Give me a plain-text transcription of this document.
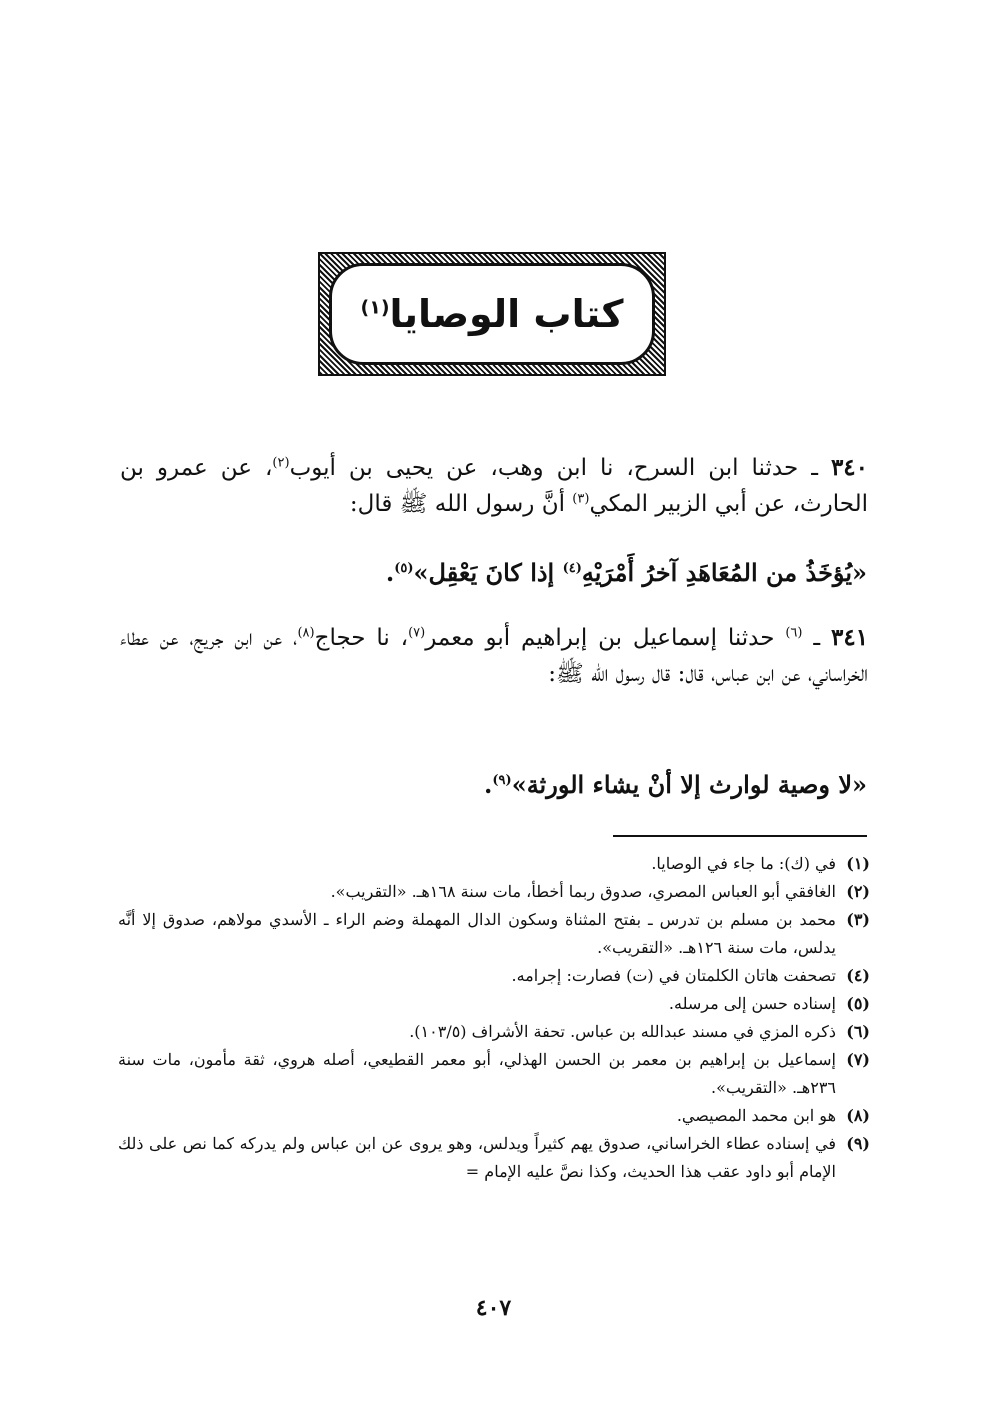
كتاب الوصايا$^{(١)}$
٣٤٠ ـ حدثنا ابن السرح، نا ابن وهب، عن يحيى بن أيوب$^{(٢)}$، عن عمرو بن الحارث، عن أبي الزبير المكي$^{(٣)}$ أنَّ رسول الله ﷺ قال:
«يُؤخَذُ من المُعَاهَدِ آخرُ أَمْرَيْهِ$^{(٤)}$ إذا كانَ يَعْقِل»$^{(٥)}$.
٣٤١ ـ $^{(٦)}$ حدثنا إسماعيل بن إبراهيم أبو معمر$^{(٧)}$، نا حجاج$^{(٨)}$، عن ابن جريج، عن عطاء الخراساني، عن ابن عباس، قال: قال رسول الله ﷺ:
«لا وصية لوارث إلا أنْ يشاء الورثة»$^{(٩)}$.
(١)
في (ك): ما جاء في الوصايا.
(٢)
الغافقي أبو العباس المصري، صدوق ربما أخطأ، مات سنة ١٦٨هـ. «التقريب».
(٣)
محمد بن مسلم بن تدرس ـ بفتح المثناة وسكون الدال المهملة وضم الراء ـ الأسدي مولاهم، صدوق إلا أنَّه يدلس، مات سنة ١٢٦هـ. «التقريب».
(٤)
تصحفت هاتان الكلمتان في (ت) فصارت: إجرامه.
(٥)
إسناده حسن إلى مرسله.
(٦)
ذكره المزي في مسند عبدالله بن عباس. تحفة الأشراف (١٠٣/٥).
(٧)
إسماعيل بن إبراهيم بن معمر بن الحسن الهذلي، أبو معمر القطيعي، أصله هروي، ثقة مأمون، مات سنة ٢٣٦هـ. «التقريب».
(٨)
هو ابن محمد المصيصي.
(٩)
في إسناده عطاء الخراساني، صدوق يهم كثيراً ويدلس، وهو يروى عن ابن عباس ولم يدركه كما نص على ذلك الإمام أبو داود عقب هذا الحديث، وكذا نصَّ عليه الإمام =
٤٠٧
